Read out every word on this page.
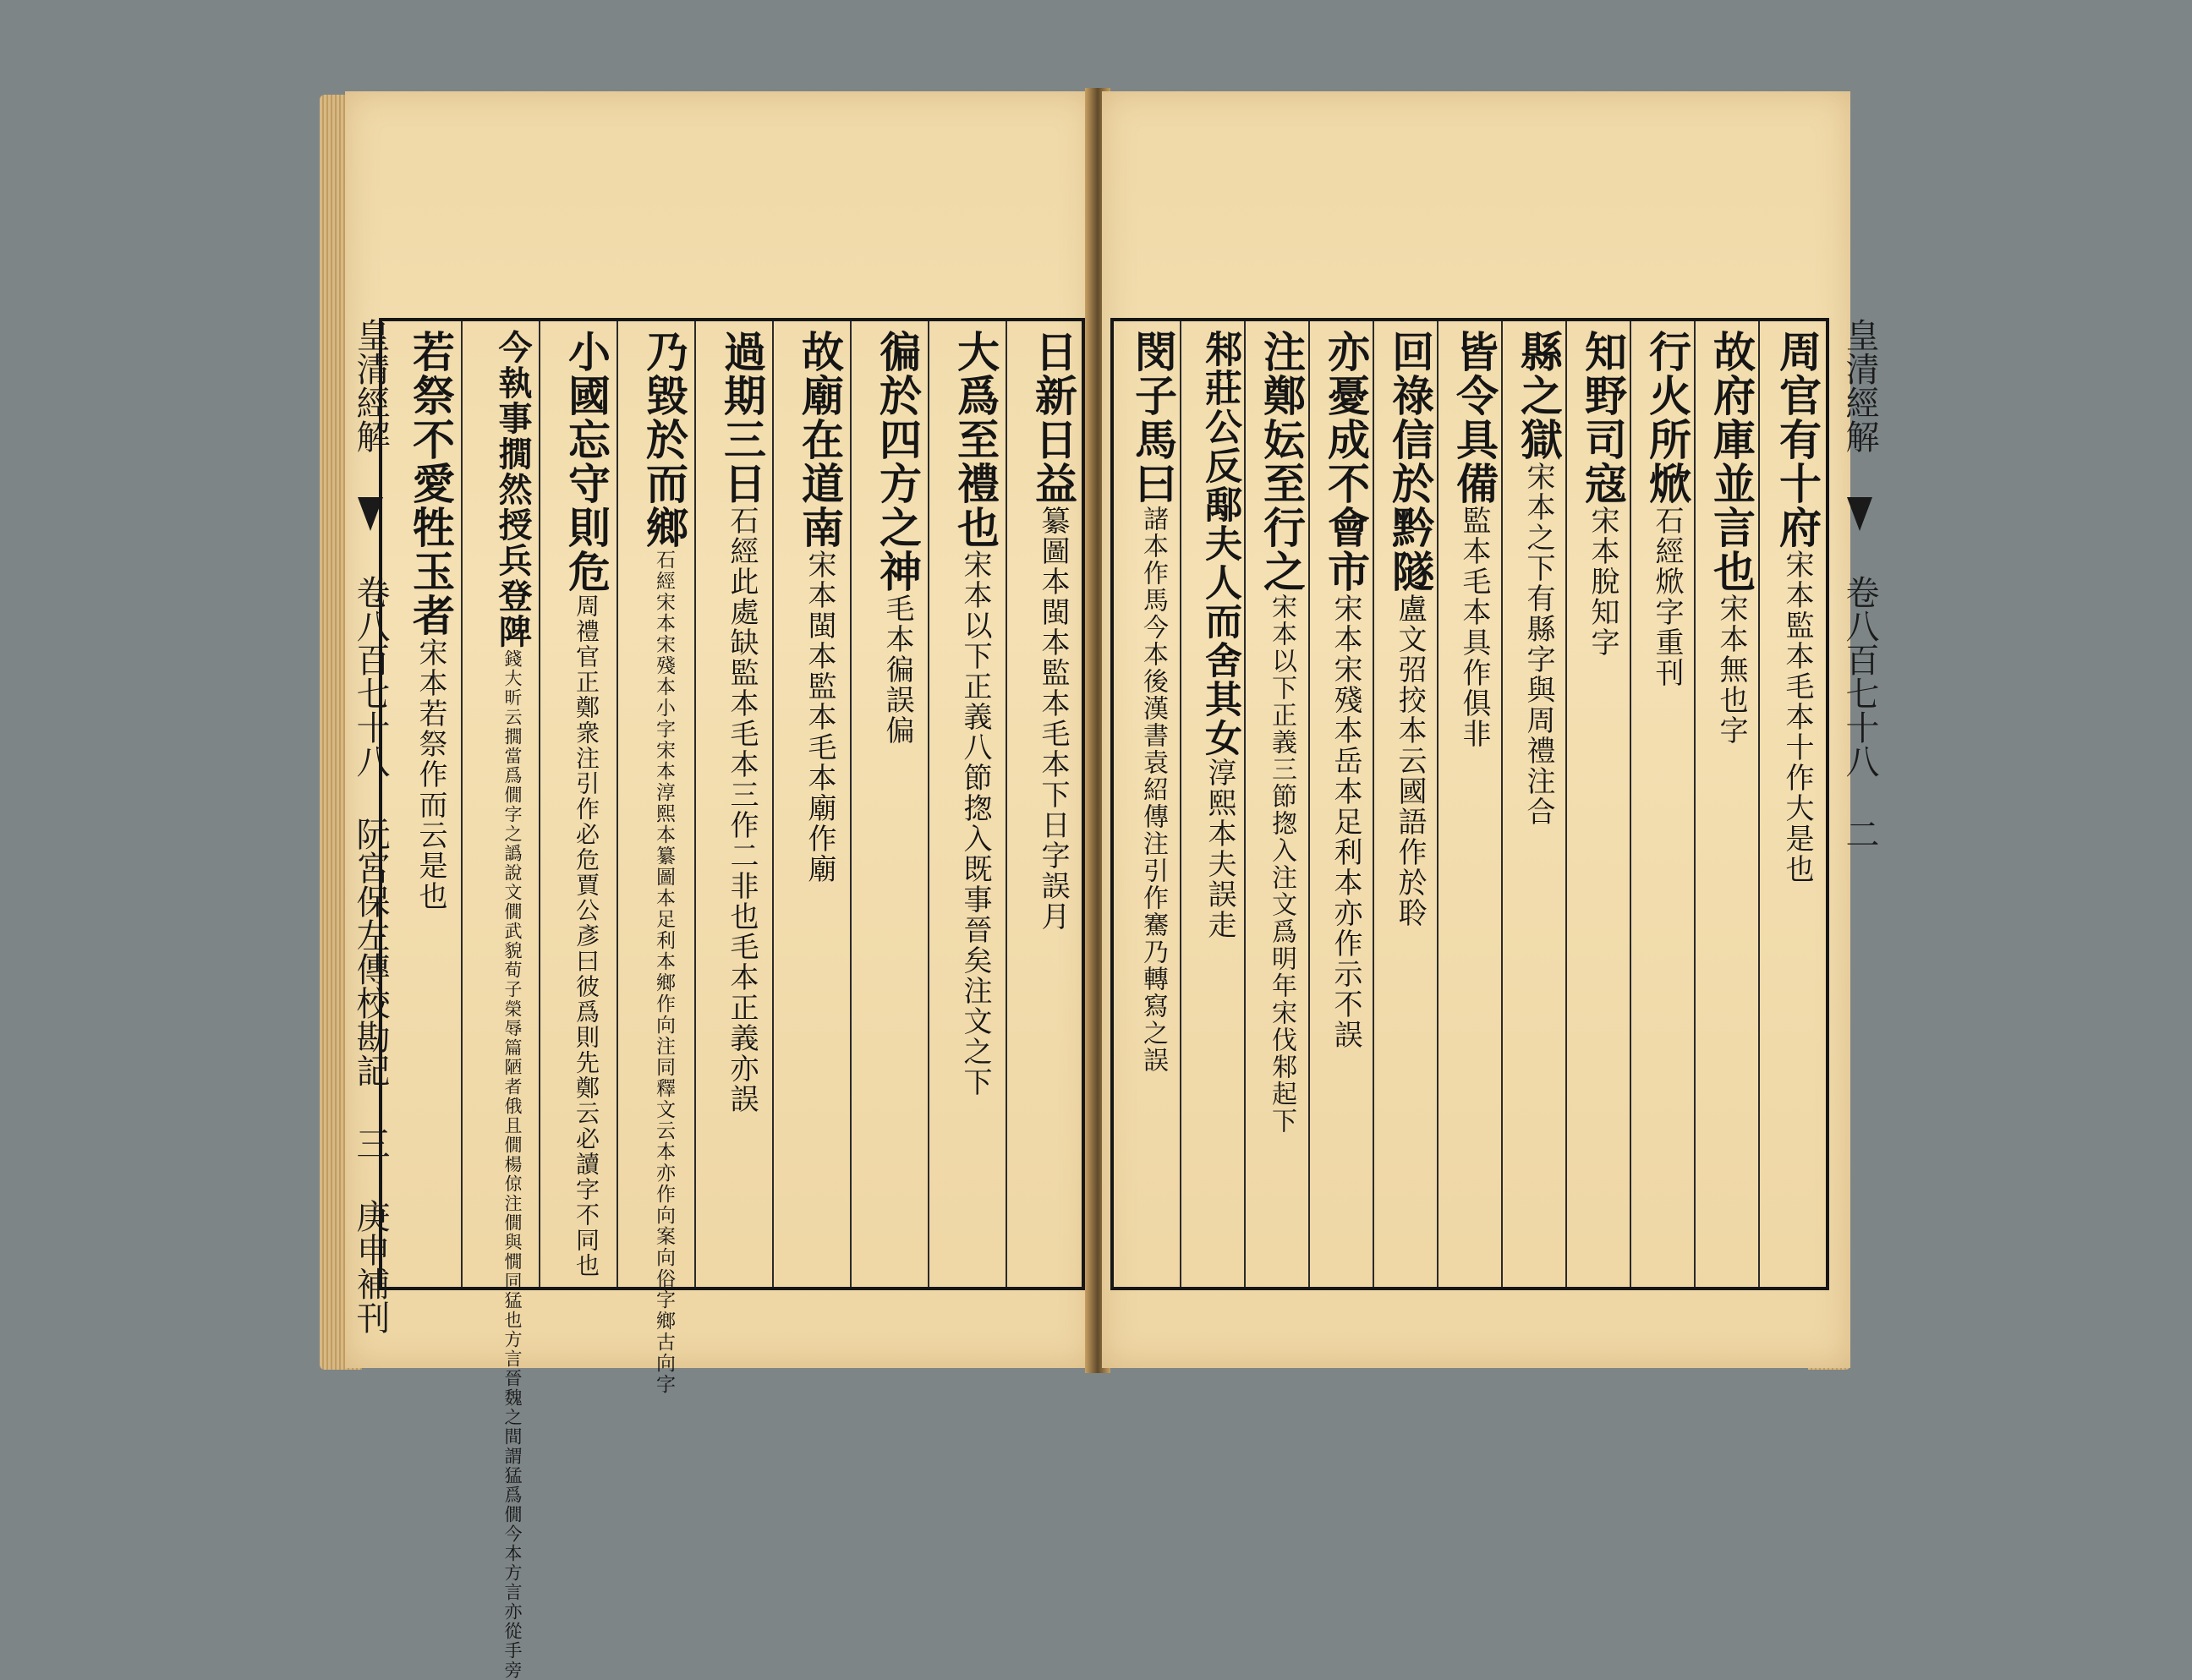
皇清經解  卷八百七十八 阮宮保左傳校勘記 三 庚申補刊
日新日益纂圖本閩本監本毛本下日字誤月
大爲至禮也宋本以下正義八節揔入既事晉矣注文之下
徧於四方之神毛本徧誤偏
故廟在道南宋本閩本監本毛本廟作廟
過期三日石經此處缺監本毛本三作二非也毛本正義亦誤
乃毀於而鄉石經宋本宋殘本小字宋本淳熙本纂圖本足利本鄉作向注同釋文云本亦作向案向俗字鄉古向字
小國忘守則危周禮官正鄭衆注引作必危賈公彥曰彼爲則先鄭云必讀字不同也
今執事撊然授兵登陴錢大昕云撊當爲僩字之譌說文僩武貌荀子榮辱篇陋者俄且僩楊倞注僩與憪同猛也方言晉魏之間謂猛爲僩今本方言亦從手旁
若祭不愛牲玉者宋本若祭作而云是也
周官有十府宋本監本毛本十作大是也
故府庫並言也宋本無也字
行火所焮石經焮字重刊
知野司寇宋本脫知字
縣之獄宋本之下有縣字與周禮注合
皆令具備監本毛本具作俱非
回祿信於黔隧盧文弨挍本云國語作於聆
亦憂成不會市宋本宋殘本岳本足利本亦作示不誤
注鄭妘至行之宋本以下正義三節揔入注文爲明年宋伐邾起下
邾莊公反鄅夫人而舍其女淳熙本夫誤走
閔子馬曰諸本作馬今本後漢書袁紹傳注引作騫乃轉寫之誤
皇清經解  卷八百七十八 二
